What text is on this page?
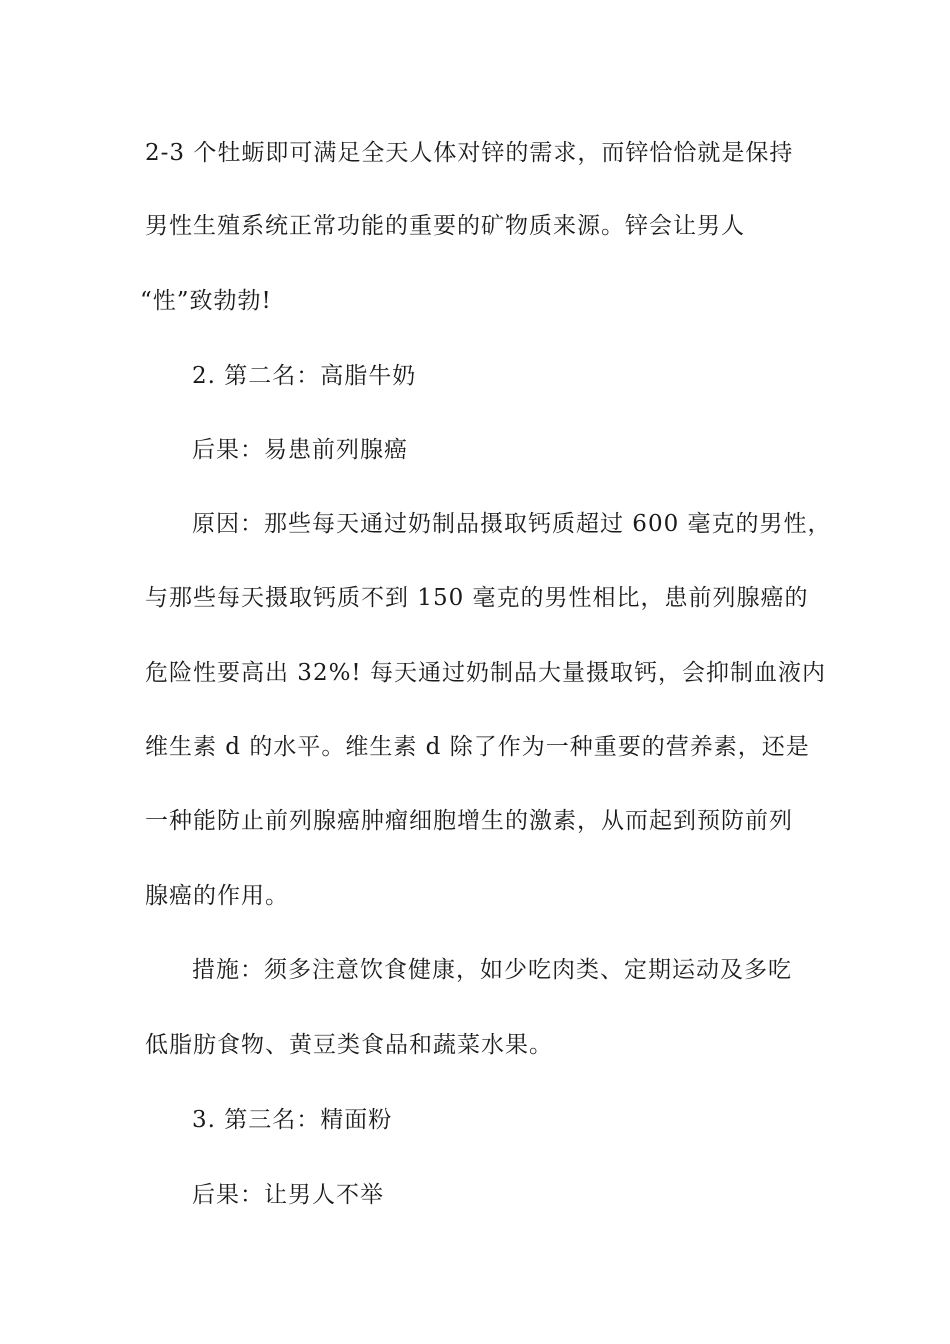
2-3 个牡蛎即可满足全天人体对锌的需求，而锌恰恰就是保持
男性生殖系统正常功能的重要的矿物质来源。锌会让男人
“性”致勃勃!
2. 第二名：高脂牛奶
后果：易患前列腺癌
原因：那些每天通过奶制品摄取钙质超过 600 毫克的男性，
与那些每天摄取钙质不到 150 毫克的男性相比，患前列腺癌的
危险性要高出 32%! 每天通过奶制品大量摄取钙，会抑制血液内
维生素 d 的水平。维生素 d 除了作为一种重要的营养素，还是
一种能防止前列腺癌肿瘤细胞增生的激素，从而起到预防前列
腺癌的作用。
措施：须多注意饮食健康，如少吃肉类、定期运动及多吃
低脂肪食物、黄豆类食品和蔬菜水果。
3. 第三名：精面粉
后果：让男人不举
